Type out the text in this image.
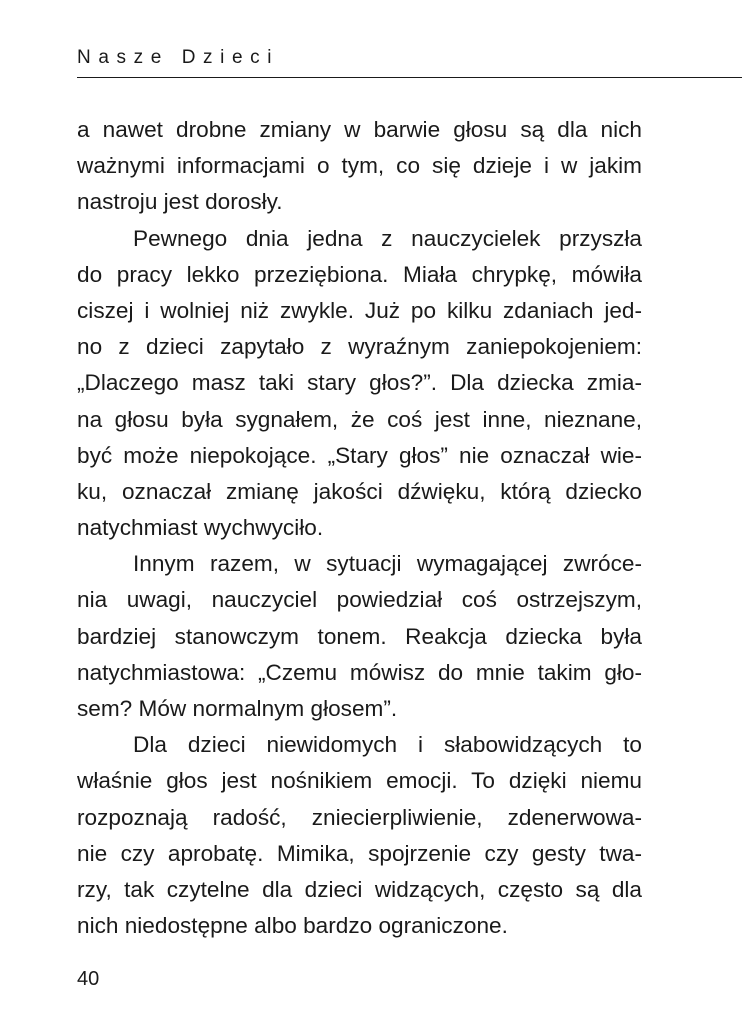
Nasze Dzieci
a nawet drobne zmiany w barwie głosu są dla nich
ważnymi informacjami o tym, co się dzieje i w jakim
nastroju jest dorosły.
Pewnego dnia jedna z nauczycielek przyszła
do pracy lekko przeziębiona. Miała chrypkę, mówiła
ciszej i wolniej niż zwykle. Już po kilku zdaniach jed-
no z dzieci zapytało z wyraźnym zaniepokojeniem:
„Dlaczego masz taki stary głos?”. Dla dziecka zmia-
na głosu była sygnałem, że coś jest inne, nieznane,
być może niepokojące. „Stary głos” nie oznaczał wie-
ku, oznaczał zmianę jakości dźwięku, którą dziecko
natychmiast wychwyciło.
Innym razem, w sytuacji wymagającej zwróce-
nia uwagi, nauczyciel powiedział coś ostrzejszym,
bardziej stanowczym tonem. Reakcja dziecka była
natychmiastowa: „Czemu mówisz do mnie takim gło-
sem? Mów normalnym głosem”.
Dla dzieci niewidomych i słabowidzących to
właśnie głos jest nośnikiem emocji. To dzięki niemu
rozpoznają radość, zniecierpliwienie, zdenerwowa-
nie czy aprobatę. Mimika, spojrzenie czy gesty twa-
rzy, tak czytelne dla dzieci widzących, często są dla
nich niedostępne albo bardzo ograniczone.
40
